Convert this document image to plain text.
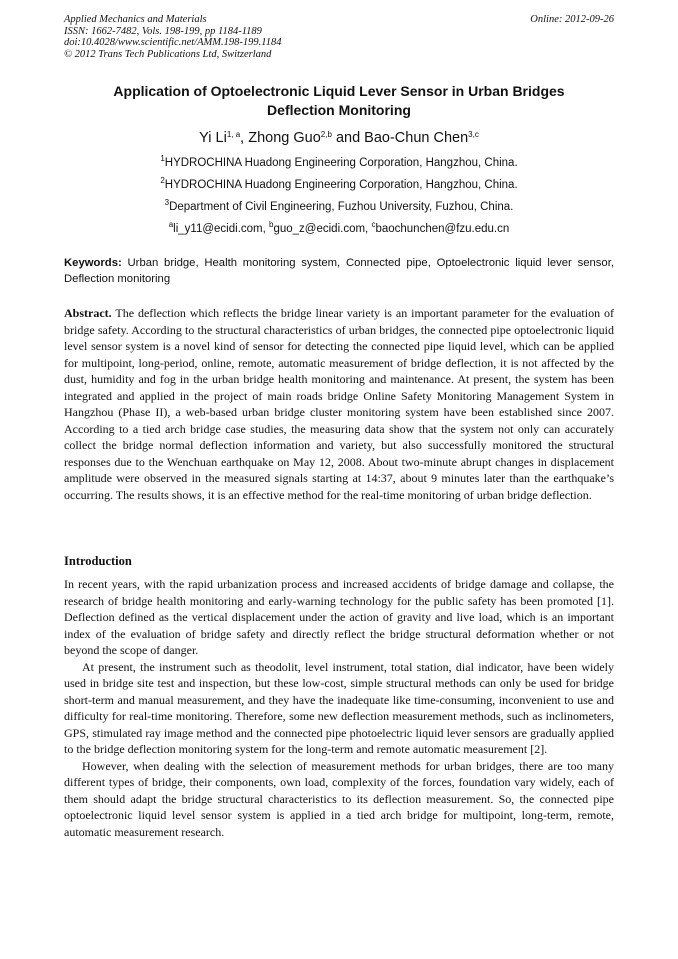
Applied Mechanics and Materials
ISSN: 1662-7482, Vols. 198-199, pp 1184-1189
doi:10.4028/www.scientific.net/AMM.198-199.1184
© 2012 Trans Tech Publications Ltd, Switzerland
Online: 2012-09-26
Application of Optoelectronic Liquid Lever Sensor in Urban Bridges
Deflection Monitoring
Yi Li$^{1, a}$, Zhong Guo$^{2,b}$ and Bao-Chun Chen$^{3,c}$
$^1$HYDROCHINA Huadong Engineering Corporation, Hangzhou, China.
$^2$HYDROCHINA Huadong Engineering Corporation, Hangzhou, China.
$^3$Department of Civil Engineering, Fuzhou University, Fuzhou, China.
$^a$li_y11@ecidi.com, $^b$guo_z@ecidi.com, $^c$baochunchen@fzu.edu.cn
Keywords: Urban bridge, Health monitoring system, Connected pipe, Optoelectronic liquid lever sensor, Deflection monitoring

Abstract. The deflection which reflects the bridge linear variety is an important parameter for the evaluation of bridge safety. According to the structural characteristics of urban bridges, the connected pipe optoelectronic liquid level sensor system is a novel kind of sensor for detecting the connected pipe liquid level, which can be applied for multipoint, long-period, online, remote, automatic measurement of bridge deflection, it is not affected by the dust, humidity and fog in the urban bridge health monitoring and maintenance. At present, the system has been integrated and applied in the project of main roads bridge Online Safety Monitoring Management System in Hangzhou (Phase II), a web-based urban bridge cluster monitoring system have been established since 2007. According to a tied arch bridge case studies, the measuring data show that the system not only can accurately collect the bridge normal deflection information and variety, but also successfully monitored the structural responses due to the Wenchuan earthquake on May 12, 2008. About two-minute abrupt changes in displacement amplitude were observed in the measured signals starting at 14:37, about 9 minutes later than the earthquake’s occurring. The results shows, it is an effective method for the real-time monitoring of urban bridge deflection.

Introduction

In recent years, with the rapid urbanization process and increased accidents of bridge damage and collapse, the research of bridge health monitoring and early-warning technology for the public safety has been promoted [1]. Deflection defined as the vertical displacement under the action of gravity and live load, which is an important index of the evaluation of bridge safety and directly reflect the bridge structural deformation whether or not beyond the scope of danger.

At present, the instrument such as theodolit, level instrument, total station, dial indicator, have been widely used in bridge site test and inspection, but these low-cost, simple structural methods can only be used for bridge short-term and manual measurement, and they have the inadequate like time-consuming, inconvenient to use and difficulty for real-time monitoring. Therefore, some new deflection measurement methods, such as inclinometers, GPS, stimulated ray image method and the connected pipe photoelectric liquid lever sensors are gradually applied to the bridge deflection monitoring system for the long-term and remote automatic measurement [2].

However, when dealing with the selection of measurement methods for urban bridges, there are too many different types of bridge, their components, own load, complexity of the forces, foundation vary widely, each of them should adapt the bridge structural characteristics to its deflection measurement. So, the connected pipe optoelectronic liquid level sensor system is applied in a tied arch bridge for multipoint, long-term, remote, automatic measurement research.
